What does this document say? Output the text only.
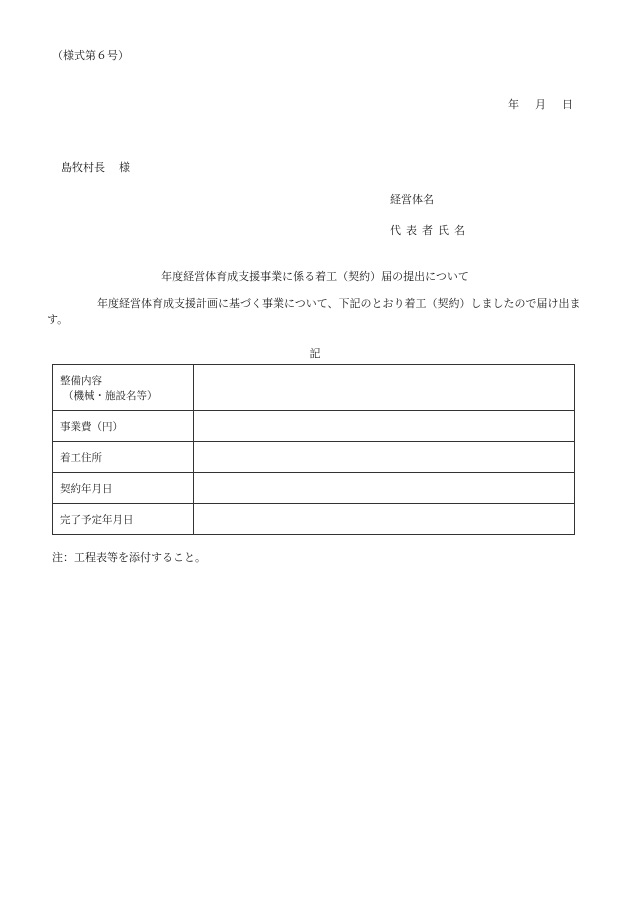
（様式第６号）
年 月 日
島牧村長 様
経営体名
代表者氏名
年度経営体育成支援事業に係る着工（契約）届の提出について
年度経営体育成支援計画に基づく事業について、下記のとおり着工（契約）しましたので届け出ます。
記
整備内容
（機械・施設名等）	

事業費（円）	
着工住所	
契約年月日	
完了予定年月日	
注：工程表等を添付すること。
